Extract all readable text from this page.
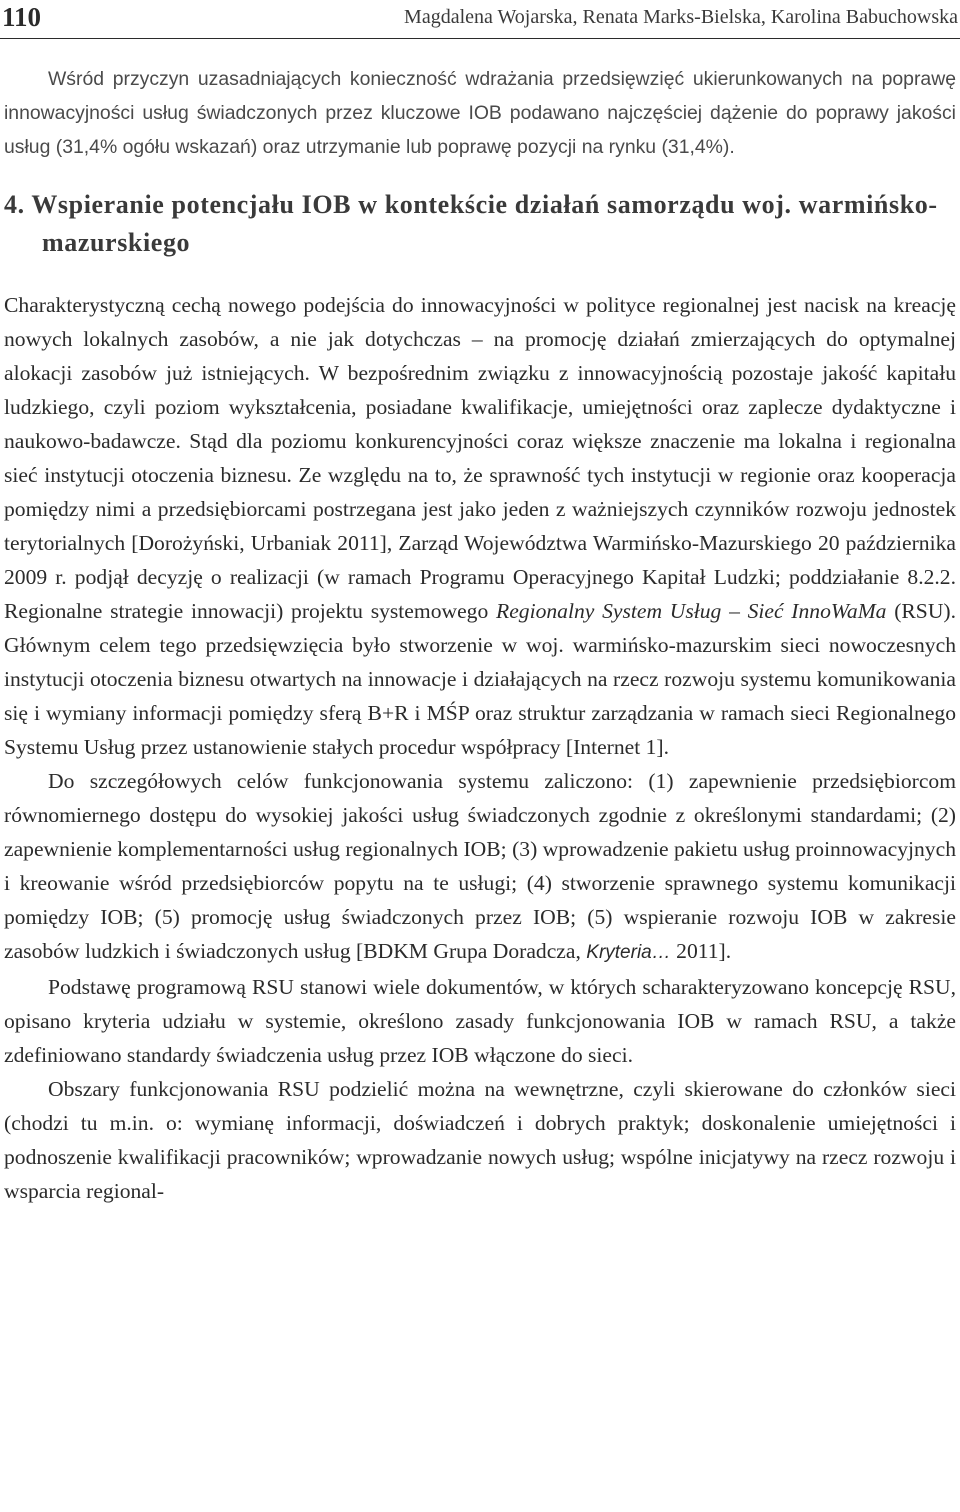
110	Magdalena Wojarska, Renata Marks-Bielska, Karolina Babuchowska

Wśród przyczyn uzasadniających konieczność wdrażania przedsięwzięć ukierunkowanych na poprawę innowacyjności usług świadczonych przez kluczowe IOB podawano najczęściej dążenie do poprawy jakości usług (31,4% ogółu wskazań) oraz utrzymanie lub poprawę pozycji na rynku (31,4%).

4. Wspieranie potencjału IOB w kontekście działań samorządu woj. warmińsko-mazurskiego

Charakterystyczną cechą nowego podejścia do innowacyjności w polityce regionalnej jest nacisk na kreację nowych lokalnych zasobów, a nie jak dotychczas – na promocję działań zmierzających do optymalnej alokacji zasobów już istniejących. W bezpośrednim związku z innowacyjnością pozostaje jakość kapitału ludzkiego, czyli poziom wykształcenia, posiadane kwalifikacje, umiejętności oraz zaplecze dydaktyczne i naukowo-badawcze. Stąd dla poziomu konkurencyjności coraz większe znaczenie ma lokalna i regionalna sieć instytucji otoczenia biznesu. Ze względu na to, że sprawność tych instytucji w regionie oraz kooperacja pomiędzy nimi a przedsiębiorcami postrzegana jest jako jeden z ważniejszych czynników rozwoju jednostek terytorialnych [Dorożyński, Urbaniak 2011], Zarząd Województwa Warmińsko-Mazurskiego 20 października 2009 r. podjął decyzję o realizacji (w ramach Programu Operacyjnego Kapitał Ludzki; poddziałanie 8.2.2. Regionalne strategie innowacji) projektu systemowego Regionalny System Usług – Sieć InnoWaMa (RSU). Głównym celem tego przedsięwzięcia było stworzenie w woj. warmińsko-mazurskim sieci nowoczesnych instytucji otoczenia biznesu otwartych na innowacje i działających na rzecz rozwoju systemu komunikowania się i wymiany informacji pomiędzy sferą B+R i MŚP oraz struktur zarządzania w ramach sieci Regionalnego Systemu Usług przez ustanowienie stałych procedur współpracy [Internet 1].

Do szczegółowych celów funkcjonowania systemu zaliczono: (1) zapewnienie przedsiębiorcom równomiernego dostępu do wysokiej jakości usług świadczonych zgodnie z określonymi standardami; (2) zapewnienie komplementarności usług regionalnych IOB; (3) wprowadzenie pakietu usług proinnowacyjnych i kreowanie wśród przedsiębiorców popytu na te usługi; (4) stworzenie sprawnego systemu komunikacji pomiędzy IOB; (5) promocję usług świadczonych przez IOB; (5) wspieranie rozwoju IOB w zakresie zasobów ludzkich i świadczonych usług [BDKM Grupa Doradcza, Kryteria… 2011].

Podstawę programową RSU stanowi wiele dokumentów, w których scharakteryzowano koncepcję RSU, opisano kryteria udziału w systemie, określono zasady funkcjonowania IOB w ramach RSU, a także zdefiniowano standardy świadczenia usług przez IOB włączone do sieci.

Obszary funkcjonowania RSU podzielić można na wewnętrzne, czyli skierowane do członków sieci (chodzi tu m.in. o: wymianę informacji, doświadczeń i dobrych praktyk; doskonalenie umiejętności i podnoszenie kwalifikacji pracowników; wprowadzanie nowych usług; wspólne inicjatywy na rzecz rozwoju i wsparcia regional-
